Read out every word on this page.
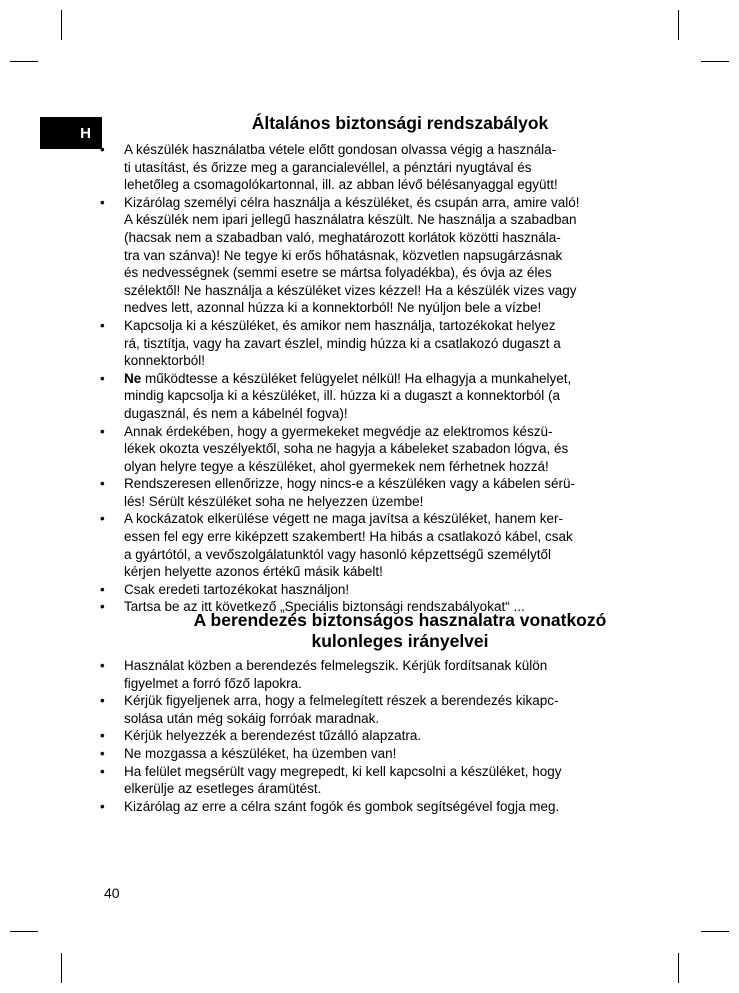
H	Általános biztonsági rendszabályok
• A készülék használatba vétele előtt gondosan olvassa végig a használa-
ti utasítást, és őrizze meg a garancialevéllel, a pénztári nyugtával és
lehetőleg a csomagolókartonnal, ill. az abban lévő bélésanyaggal együtt!
• Kizárólag személyi célra használja a készüléket, és csupán arra, amire való!
A készülék nem ipari jellegű használatra készült. Ne használja a szabadban
(hacsak nem a szabadban való, meghatározott korlátok közötti használa-
tra van szánva)! Ne tegye ki erős hőhatásnak, közvetlen napsugárzásnak
és nedvességnek (semmi esetre se mártsa folyadékba), és óvja az éles
szélektől! Ne használja a készüléket vizes kézzel! Ha a készülék vizes vagy
nedves lett, azonnal húzza ki a konnektorból! Ne nyúljon bele a vízbe!
• Kapcsolja ki a készüléket, és amikor nem használja, tartozékokat helyez
rá, tisztítja, vagy ha zavart észlel, mindig húzza ki a csatlakozó dugaszt a
konnektorból!
• Ne működtesse a készüléket felügyelet nélkül! Ha elhagyja a munkahelyet,
mindig kapcsolja ki a készüléket, ill. húzza ki a dugaszt a konnektorból (a
dugasznál, és nem a kábelnél fogva)!
• Annak érdekében, hogy a gyermekeket megvédje az elektromos készü-
lékek okozta veszélyektől, soha ne hagyja a kábeleket szabadon lógva, és
olyan helyre tegye a készüléket, ahol gyermekek nem férhetnek hozzá!
• Rendszeresen ellenőrizze, hogy nincs-e a készüléken vagy a kábelen sérü-
lés! Sérült készüléket soha ne helyezzen üzembe!
• A kockázatok elkerülése végett ne maga javítsa a készüléket, hanem ker-
essen fel egy erre kiképzett szakembert! Ha hibás a csatlakozó kábel, csak
a gyártótól, a vevőszolgálatunktól vagy hasonló képzettségű személytől
kérjen helyette azonos értékű másik kábelt!
• Csak eredeti tartozékokat használjon!
• Tartsa be az itt következő „Speciális biztonsági rendszabályokat“ ...
A berendezés biztonságos hasznalatra vonatkozó
kulonleges irányelvei
• Használat közben a berendezés felmelegszik. Kérjük fordítsanak külön
figyelmet a forró főző lapokra.
• Kérjük figyeljenek arra, hogy a felmelegített részek a berendezés kikapc-
solása után még sokáig forróak maradnak.
• Kérjük helyezzék a berendezést tűzálló alapzatra.
• Ne mozgassa a készüléket, ha üzemben van!
• Ha felület megsérült vagy megrepedt, ki kell kapcsolni a készüléket, hogy
elkerülje az esetleges áramütést.
• Kizárólag az erre a célra szánt fogók és gombok segítségével fogja meg.
40
